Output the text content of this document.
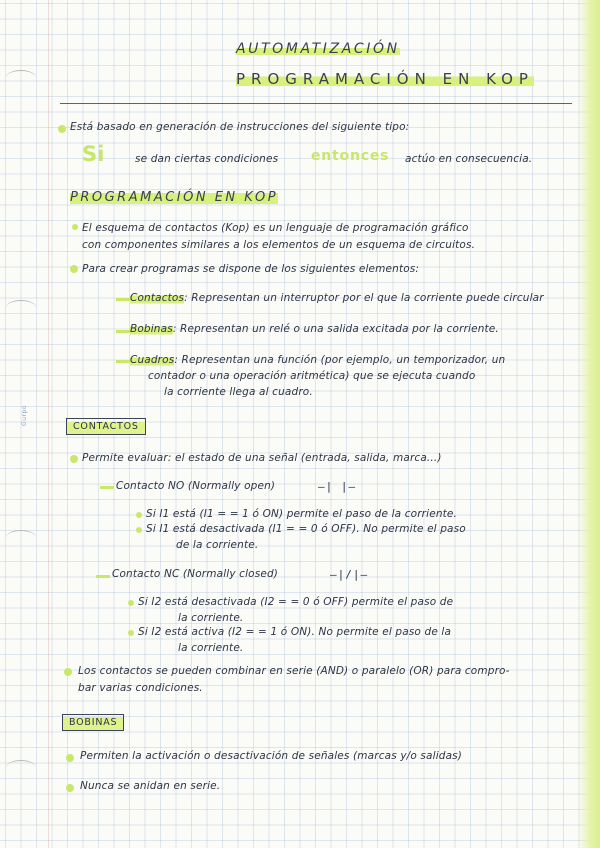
Gurpo
AUTOMATIZACIÓN
PROGRAMACIÓN EN KOP
Está basado en generación de instrucciones del siguiente tipo:
Si	se dan ciertas condiciones entonces actúo en consecuencia.
PROGRAMACIÓN EN KOP
El esquema de contactos (Kop) es un lenguaje de programación gráfico
con componentes similares a los elementos de un esquema de circuitos.
Para crear programas se dispone de los siguientes elementos:
Contactos: Representan un interruptor por el que la corriente puede circular
Bobinas: Representan un relé o una salida excitada por la corriente.
Cuadros: Representan una función (por ejemplo, un temporizador, un
contador o una operación aritmética) que se ejecuta cuando
la corriente llega al cuadro.
CONTACTOS
Permite evaluar: el estado de una señal (entrada, salida, marca...)
Contacto NO (Normally open)	—| |—
Si I1 está (I1 = = 1 ó ON) permite el paso de la corriente.
Si I1 está desactivada (I1 = = 0 ó OFF). No permite el paso
de la corriente.
Contacto NC (Normally closed)	—|/|—
Si I2 está desactivada (I2 = = 0 ó OFF) permite el paso de
la corriente.
Si I2 está activa (I2 = = 1 ó ON). No permite el paso de la
la corriente.
Los contactos se pueden combinar en serie (AND) o paralelo (OR) para compro-
bar varias condiciones.
BOBINAS
Permiten la activación o desactivación de señales (marcas y/o salidas)
Nunca se anidan en serie.
